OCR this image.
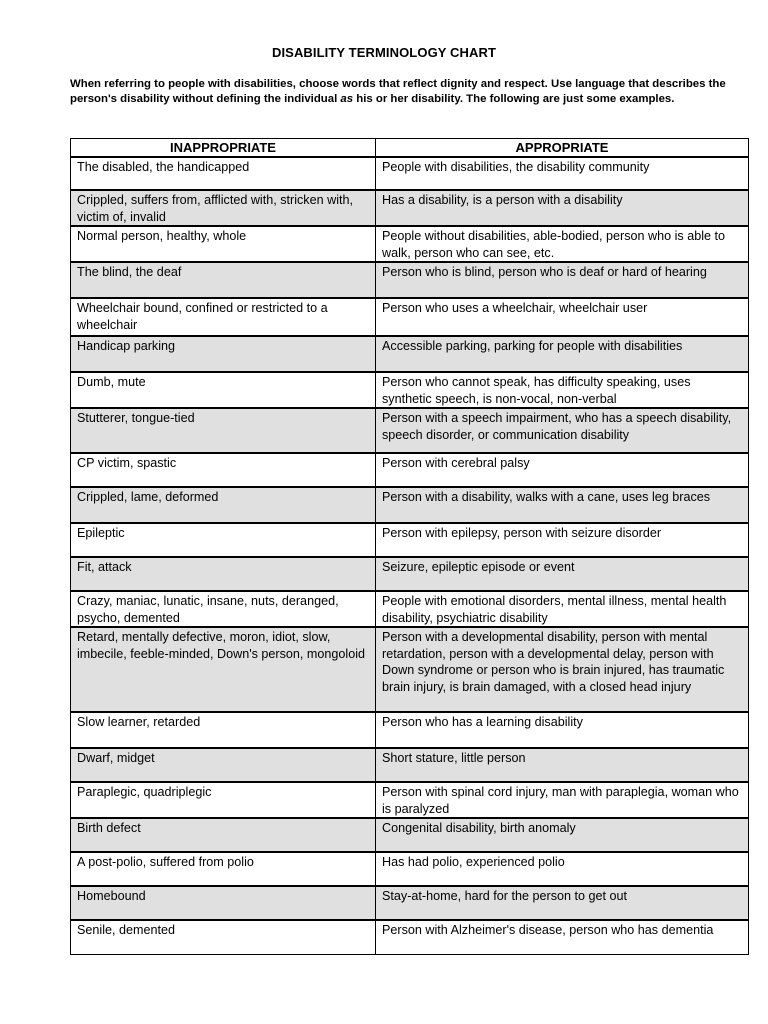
DISABILITY TERMINOLOGY CHART
When referring to people with disabilities, choose words that reflect dignity and respect. Use language that describes the person's disability without defining the individual as his or her disability. The following are just some examples.
INAPPROPRIATE	APPROPRIATE
The disabled, the handicapped	People with disabilities, the disability community
Crippled, suffers from, afflicted with, stricken with, victim of, invalid	Has a disability, is a person with a disability
Normal person, healthy, whole	People without disabilities, able-bodied, person who is able to walk, person who can see, etc.
The blind, the deaf	Person who is blind, person who is deaf or hard of hearing
Wheelchair bound, confined or restricted to a wheelchair	Person who uses a wheelchair, wheelchair user
Handicap parking	Accessible parking, parking for people with disabilities
Dumb, mute	Person who cannot speak, has difficulty speaking, uses synthetic speech, is non-vocal, non-verbal
Stutterer, tongue-tied	Person with a speech impairment, who has a speech disability, speech disorder, or communication disability
CP victim, spastic	Person with cerebral palsy
Crippled, lame, deformed	Person with a disability, walks with a cane, uses leg braces
Epileptic	Person with epilepsy, person with seizure disorder
Fit, attack	Seizure, epileptic episode or event
Crazy, maniac, lunatic, insane, nuts, deranged, psycho, demented	People with emotional disorders, mental illness, mental health disability, psychiatric disability
Retard, mentally defective, moron, idiot, slow, imbecile, feeble-minded, Down's person, mongoloid	Person with a developmental disability, person with mental retardation, person with a developmental delay, person with Down syndrome or person who is brain injured, has traumatic brain injury, is brain damaged, with a closed head injury
Slow learner, retarded	Person who has a learning disability
Dwarf, midget	Short stature, little person
Paraplegic, quadriplegic	Person with spinal cord injury, man with paraplegia, woman who is paralyzed
Birth defect	Congenital disability, birth anomaly
A post-polio, suffered from polio	Has had polio, experienced polio
Homebound	Stay-at-home, hard for the person to get out
Senile, demented	Person with Alzheimer's disease, person who has dementia
